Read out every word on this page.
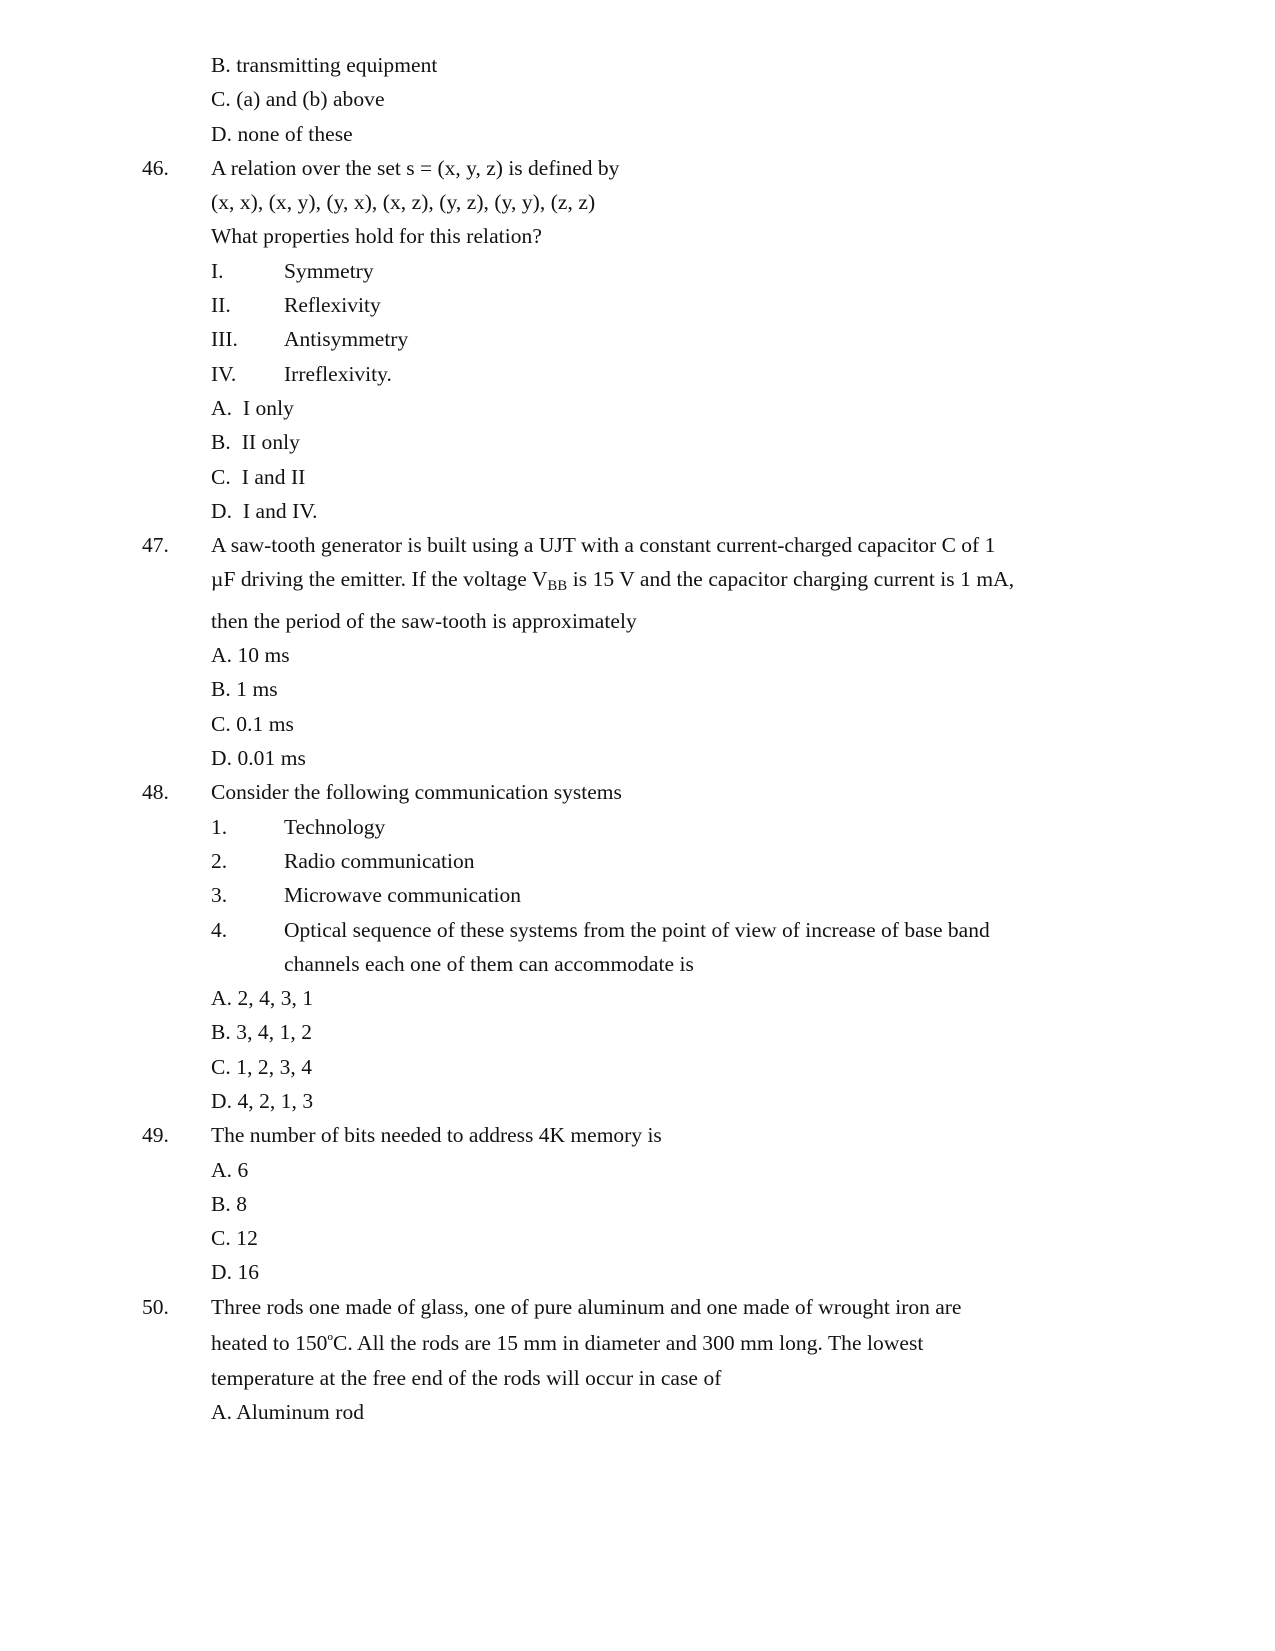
B. transmitting equipment
C. (a) and (b) above
D. none of these
46.	A relation over the set s = (x, y, z) is defined by
(x, x), (x, y), (y, x), (x, z), (y, z), (y, y), (z, z)
What properties hold for this relation?
I.	Symmetry
II.	Reflexivity
III.	Antisymmetry
IV.	Irreflexivity.
A. I only
B. II only
C. I and II
D. I and IV.
47.	A saw-tooth generator is built using a UJT with a constant current-charged capacitor C of 1
µF driving the emitter. If the voltage $V_{BB}$ is 15 V and the capacitor charging current is 1 mA,
then the period of the saw-tooth is approximately
A. 10 ms
B. 1 ms
C. 0.1 ms
D. 0.01 ms
48.	Consider the following communication systems
1.	Technology
2.	Radio communication
3.	Microwave communication
4.	Optical sequence of these systems from the point of view of increase of base band
channels each one of them can accommodate is
A. 2, 4, 3, 1
B. 3, 4, 1, 2
C. 1, 2, 3, 4
D. 4, 2, 1, 3
49.	The number of bits needed to address 4K memory is
A. 6
B. 8
C. 12
D. 16
50.	Three rods one made of glass, one of pure aluminum and one made of wrought iron are
heated to 150ºC. All the rods are 15 mm in diameter and 300 mm long. The lowest
temperature at the free end of the rods will occur in case of
A. Aluminum rod
